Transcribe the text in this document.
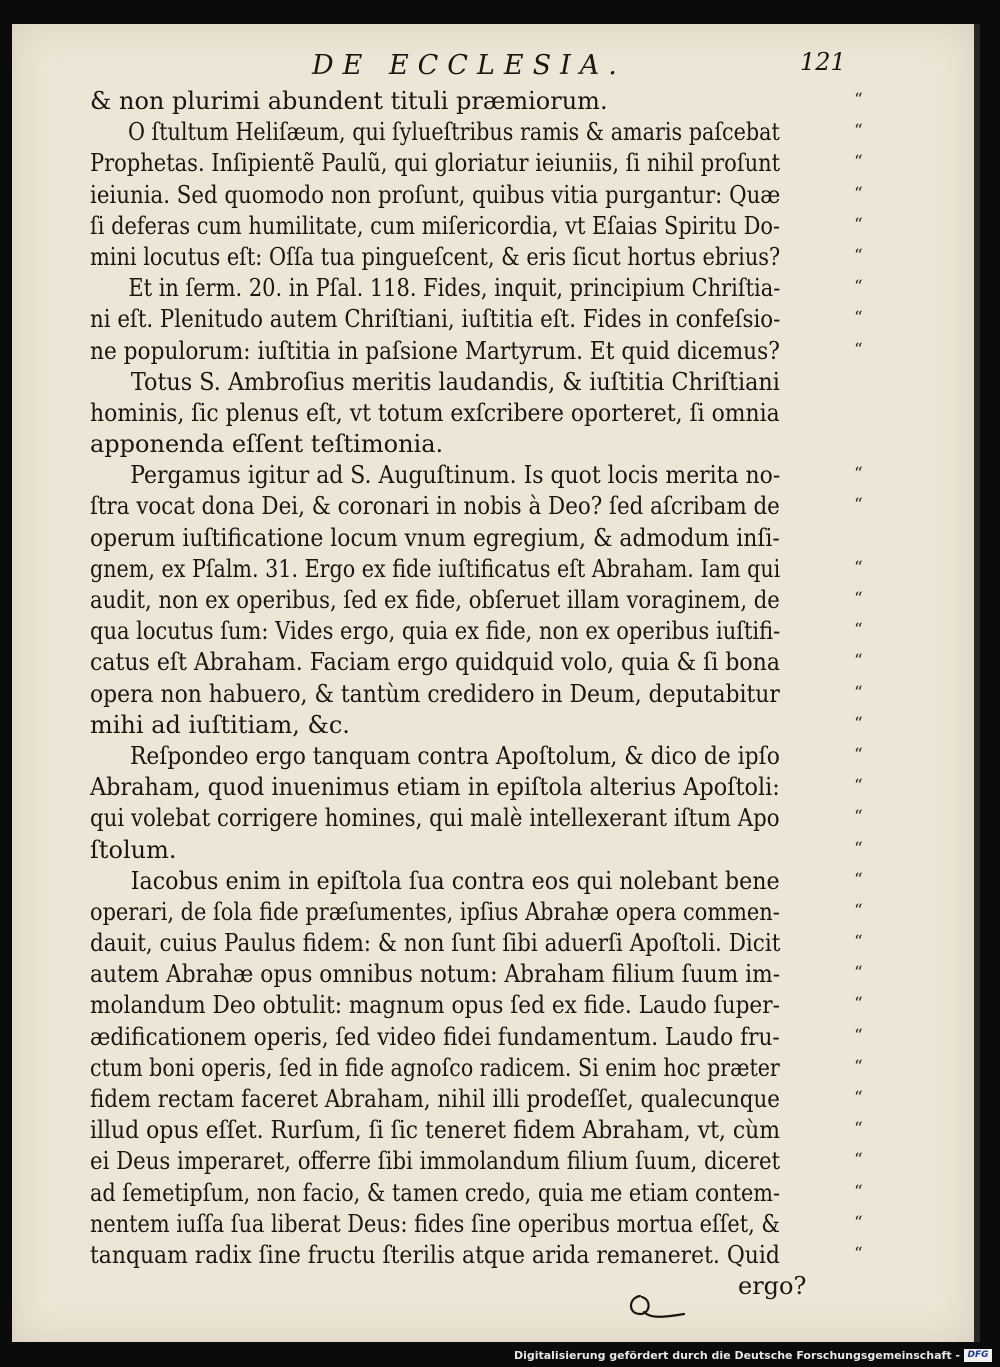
DE ECCLESIA.	121
& non plurimi abundent tituli præmiorum.	“
O ſtultum Heliſæum, qui ſylueſtribus ramis & amaris paſcebat	“
Prophetas. Inſipientẽ Paulũ, qui gloriatur ieiuniis, ſi nihil proſunt	“
ieiunia. Sed quomodo non proſunt, quibus vitia purgantur: Quæ	“
ſi deferas cum humilitate, cum miſericordia, vt Eſaias Spiritu Do-	“
mini locutus eſt: Oſſa tua pingueſcent, & eris ſicut hortus ebrius?	“
Et in ſerm. 20. in Pſal. 118. Fides, inquit, principium Chriſtia-	“
ni eſt. Plenitudo autem Chriſtiani, iuſtitia eſt. Fides in confeſsio-	“
ne populorum: iuſtitia in paſsione Martyrum. Et quid dicemus?	“
Totus S. Ambroſius meritis laudandis, & iuſtitia Chriſtiani
hominis, ſic plenus eſt, vt totum exſcribere oporteret, ſi omnia
apponenda eſſent teſtimonia.
Pergamus igitur ad S. Auguſtinum. Is quot locis merita no-	“
ſtra vocat dona Dei, & coronari in nobis à Deo? ſed aſcribam de	“
operum iuſtificatione locum vnum egregium, & admodum inſi-
gnem, ex Pſalm. 31. Ergo ex fide iuſtificatus eſt Abraham. Iam qui	“
audit, non ex operibus, ſed ex fide, obſeruet illam voraginem, de	“
qua locutus ſum: Vides ergo, quia ex fide, non ex operibus iuſtifi-	“
catus eſt Abraham. Faciam ergo quidquid volo, quia & ſi bona	“
opera non habuero, & tantùm credidero in Deum, deputabitur	“
mihi ad iuſtitiam, &c.	“
Reſpondeo ergo tanquam contra Apoſtolum, & dico de ipſo	“
Abraham, quod inuenimus etiam in epiſtola alterius Apoſtoli:	“
qui volebat corrigere homines, qui malè intellexerant iſtum Apo	“
ſtolum.	“
Iacobus enim in epiſtola ſua contra eos qui nolebant bene	“
operari, de ſola fide præſumentes, ipſius Abrahæ opera commen-	“
dauit, cuius Paulus fidem: & non ſunt ſibi aduerſi Apoſtoli. Dicit	“
autem Abrahæ opus omnibus notum: Abraham filium ſuum im-	“
molandum Deo obtulit: magnum opus ſed ex fide. Laudo ſuper-	“
ædificationem operis, ſed video fidei fundamentum. Laudo fru-	“
ctum boni operis, ſed in fide agnoſco radicem. Si enim hoc præter	“
fidem rectam faceret Abraham, nihil illi prodeſſet, qualecunque	“
illud opus eſſet. Rurſum, ſi ſic teneret fidem Abraham, vt, cùm	“
ei Deus imperaret, offerre ſibi immolandum filium ſuum, diceret	“
ad ſemetipſum, non facio, & tamen credo, quia me etiam contem-	“
nentem iuſſa ſua liberat Deus: fides ſine operibus mortua eſſet, &	“
tanquam radix ſine fructu ſterilis atque arida remaneret. Quid	“
ergo?
Digitalisierung gefördert durch die Deutsche Forschungsgemeinschaft - DFG
